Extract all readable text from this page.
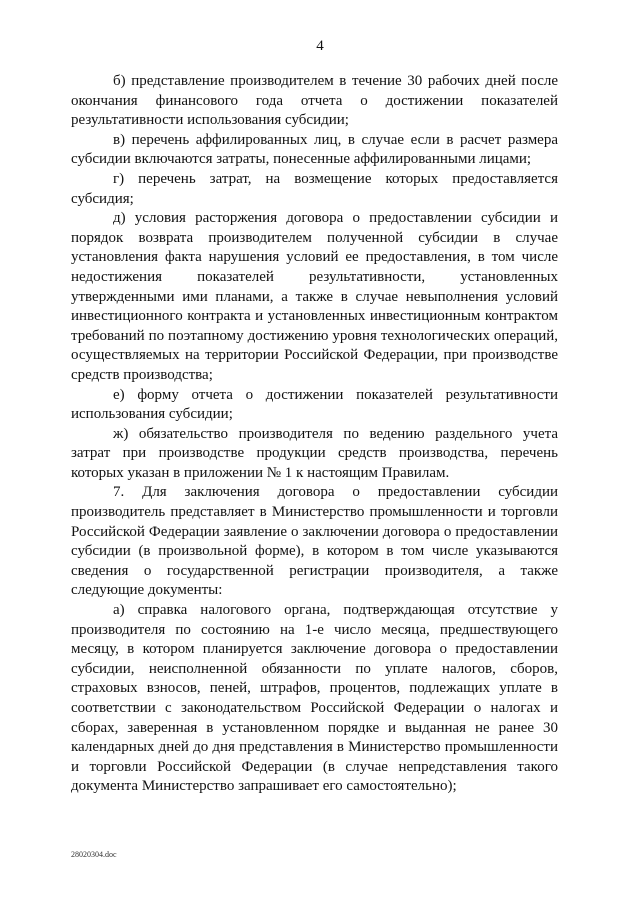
4

б) представление производителем в течение 30 рабочих дней после окончания финансового года отчета о достижении показателей результативности использования субсидии;

в) перечень аффилированных лиц, в случае если в расчет размера субсидии включаются затраты, понесенные аффилированными лицами;

г) перечень затрат, на возмещение которых предоставляется субсидия;

д) условия расторжения договора о предоставлении субсидии и порядок возврата производителем полученной субсидии в случае установления факта нарушения условий ее предоставления, в том числе недостижения показателей результативности, установленных утвержденными ими планами, а также в случае невыполнения условий инвестиционного контракта и установленных инвестиционным контрактом требований по поэтапному достижению уровня технологических операций, осуществляемых на территории Российской Федерации, при производстве средств производства;

е) форму отчета о достижении показателей результативности использования субсидии;

ж) обязательство производителя по ведению раздельного учета затрат при производстве продукции средств производства, перечень которых указан в приложении № 1 к настоящим Правилам.

7. Для заключения договора о предоставлении субсидии производитель представляет в Министерство промышленности и торговли Российской Федерации заявление о заключении договора о предоставлении субсидии (в произвольной форме), в котором в том числе указываются сведения о государственной регистрации производителя, а также следующие документы:

а) справка налогового органа, подтверждающая отсутствие у производителя по состоянию на 1-е число месяца, предшествующего месяцу, в котором планируется заключение договора о предоставлении субсидии, неисполненной обязанности по уплате налогов, сборов, страховых взносов, пеней, штрафов, процентов, подлежащих уплате в соответствии с законодательством Российской Федерации о налогах и сборах, заверенная в установленном порядке и выданная не ранее 30 календарных дней до дня представления в Министерство промышленности и торговли Российской Федерации (в случае непредставления такого документа Министерство запрашивает его самостоятельно);

28020304.doc
